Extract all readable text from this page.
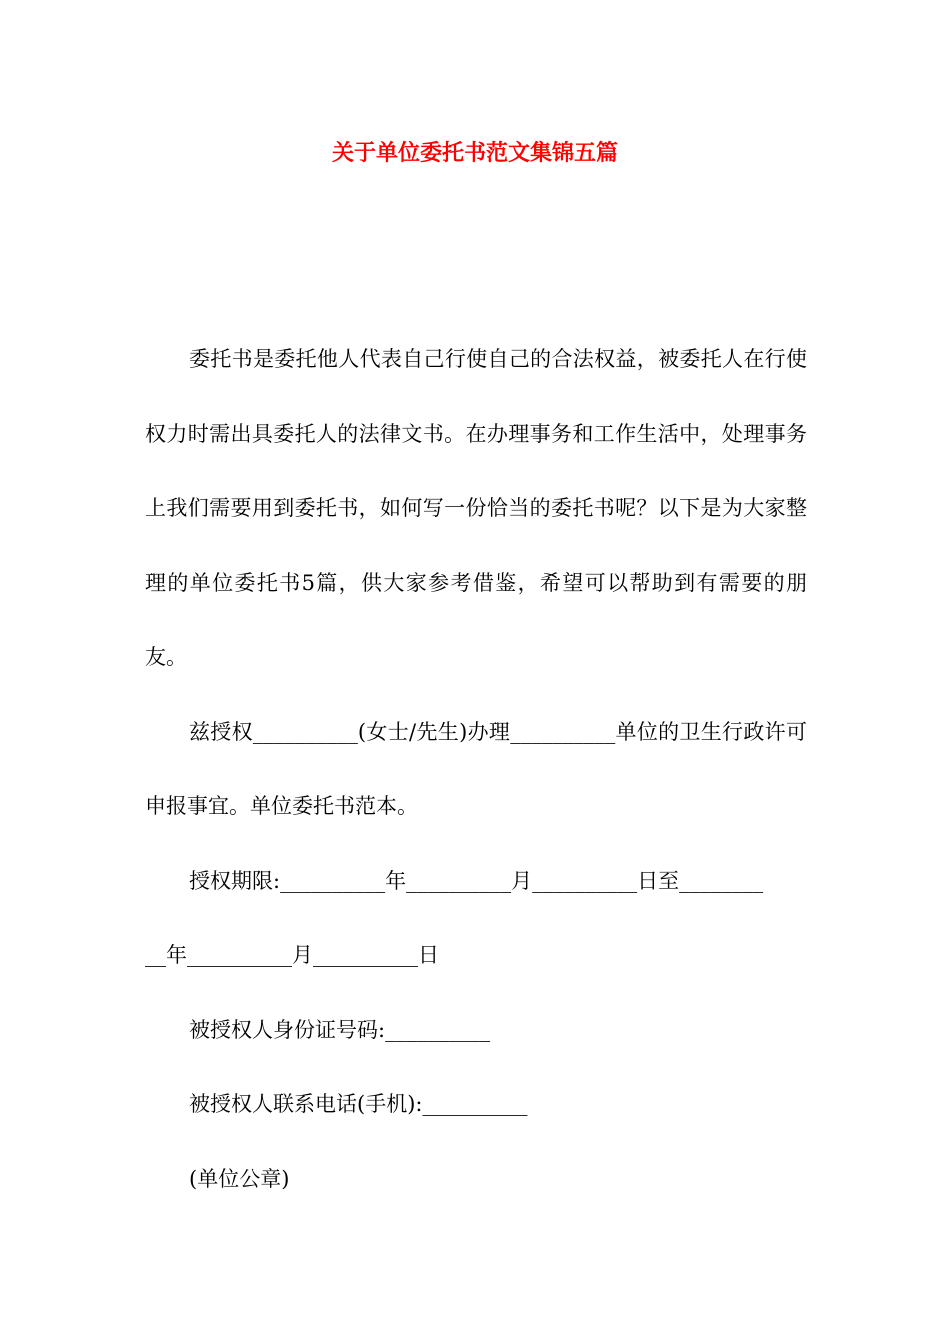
关于单位委托书范文集锦五篇

委托书是委托他人代表自己行使自己的合法权益，被委托人在行使权力时需出具委托人的法律文书。在办理事务和工作生活中，处理事务上我们需要用到委托书，如何写一份恰当的委托书呢？以下是为大家整理的单位委托书5篇，供大家参考借鉴，希望可以帮助到有需要的朋友。

兹授权__________(女士/先生)办理__________单位的卫生行政许可申报事宜。单位委托书范本。

授权期限:__________年__________月__________日至________

__年__________月__________日

被授权人身份证号码:__________

被授权人联系电话(手机):__________

(单位公章)
